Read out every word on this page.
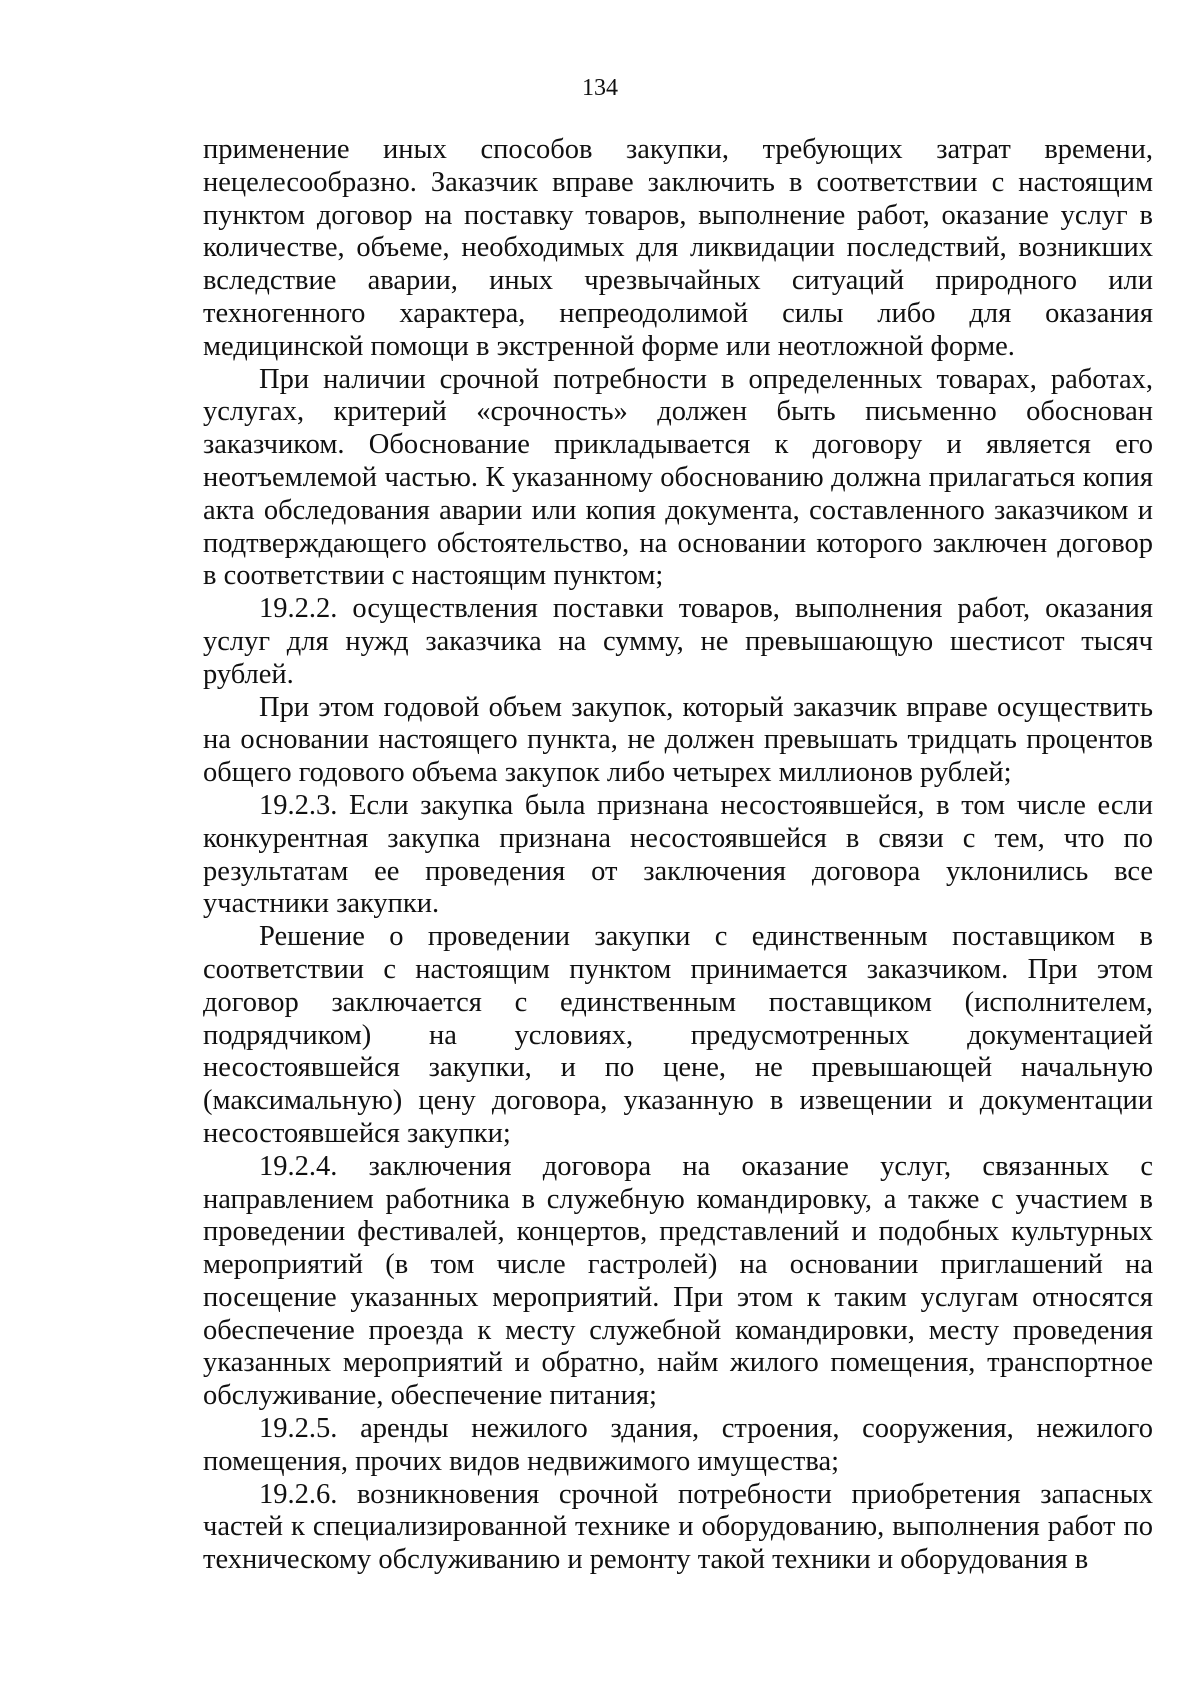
134

применение иных способов закупки, требующих затрат времени, нецелесообразно. Заказчик вправе заключить в соответствии с настоящим пунктом договор на поставку товаров, выполнение работ, оказание услуг в количестве, объеме, необходимых для ликвидации последствий, возникших вследствие аварии, иных чрезвычайных ситуаций природного или техногенного характера, непреодолимой силы либо для оказания медицинской помощи в экстренной форме или неотложной форме.

При наличии срочной потребности в определенных товарах, работах, услугах, критерий «срочность» должен быть письменно обоснован заказчиком. Обоснование прикладывается к договору и является его неотъемлемой частью. К указанному обоснованию должна прилагаться копия акта обследования аварии или копия документа, составленного заказчиком и подтверждающего обстоятельство, на основании которого заключен договор в соответствии с настоящим пунктом;

19.2.2. осуществления поставки товаров, выполнения работ, оказания услуг для нужд заказчика на сумму, не превышающую шестисот тысяч рублей.

При этом годовой объем закупок, который заказчик вправе осуществить на основании настоящего пункта, не должен превышать тридцать процентов общего годового объема закупок либо четырех миллионов рублей;

19.2.3. Если закупка была признана несостоявшейся, в том числе если конкурентная закупка признана несостоявшейся в связи с тем, что по результатам ее проведения от заключения договора уклонились все участники закупки.

Решение о проведении закупки с единственным поставщиком в соответствии с настоящим пунктом принимается заказчиком. При этом договор заключается с единственным поставщиком (исполнителем, подрядчиком) на условиях, предусмотренных документацией несостоявшейся закупки, и по цене, не превышающей начальную (максимальную) цену договора, указанную в извещении и документации несостоявшейся закупки;

19.2.4. заключения договора на оказание услуг, связанных с направлением работника в служебную командировку, а также с участием в проведении фестивалей, концертов, представлений и подобных культурных мероприятий (в том числе гастролей) на основании приглашений на посещение указанных мероприятий. При этом к таким услугам относятся обеспечение проезда к месту служебной командировки, месту проведения указанных мероприятий и обратно, найм жилого помещения, транспортное обслуживание, обеспечение питания;

19.2.5. аренды нежилого здания, строения, сооружения, нежилого помещения, прочих видов недвижимого имущества;

19.2.6. возникновения срочной потребности приобретения запасных частей к специализированной технике и оборудованию, выполнения работ по техническому обслуживанию и ремонту такой техники и оборудования в
